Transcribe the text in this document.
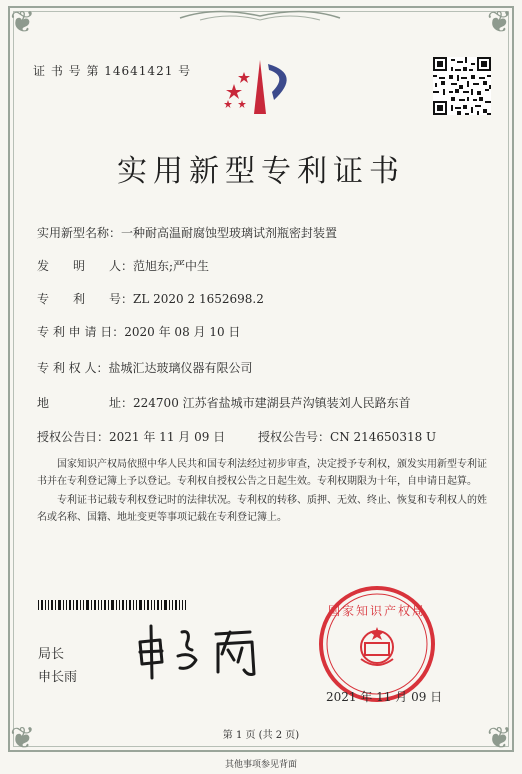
❦	❦
❦	❦
证 书 号 第 14641421 号
实用新型专利证书
实用新型名称：一种耐高温耐腐蚀型玻璃试剂瓶密封装置
发　　明　　人：范旭东;严中生
专　　利　　号：ZL 2020 2 1652698.2
专 利 申 请 日：2020 年 08 月 10 日
专 利 权 人：盐城汇达玻璃仪器有限公司
地　　　　　址：224700 江苏省盐城市建湖县芦沟镇装刘人民路东首
授权公告日：2021 年 11 月 09 日	授权公告号：CN 214650318 U

国家知识产权局依照中华人民共和国专利法经过初步审查，决定授予专利权，颁发实用新型专利证书并在专利登记簿上予以登记。专利权自授权公告之日起生效。专利权期限为十年，自申请日起算。

专利证书记载专利权登记时的法律状况。专利权的转移、质押、无效、终止、恢复和专利权人的姓名或名称、国籍、地址变更等事项记载在专利登记簿上。

局长
申长雨
国家知识产权局
2021 年 11 月 09 日
第 1 页 (共 2 页)
其他事项参见背面
